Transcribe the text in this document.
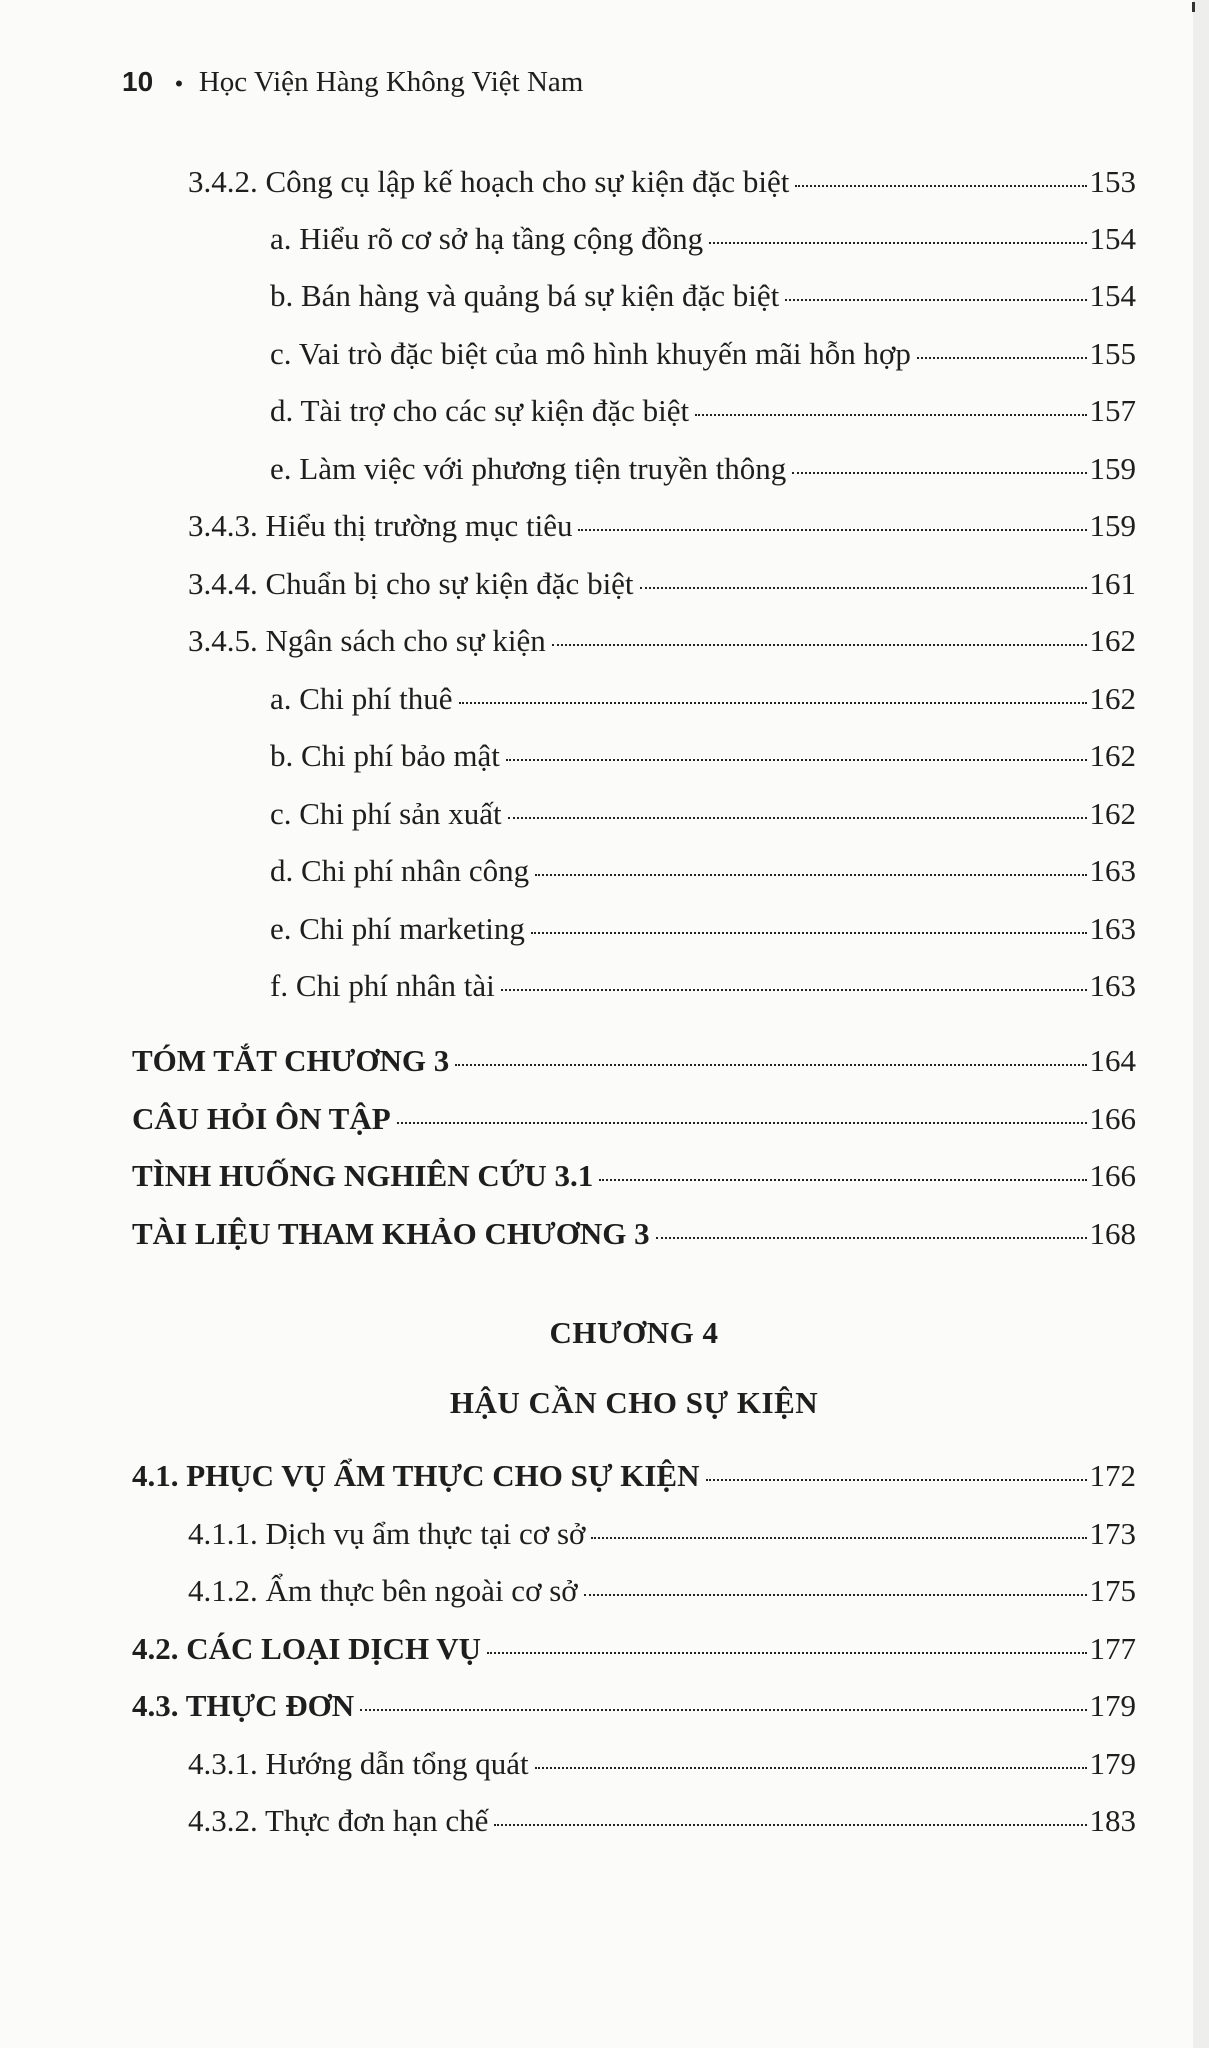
10 • Học Viện Hàng Không Việt Nam
3.4.2. Công cụ lập kế hoạch cho sự kiện đặc biệt	153
a. Hiểu rõ cơ sở hạ tầng cộng đồng	154
b. Bán hàng và quảng bá sự kiện đặc biệt	154
c. Vai trò đặc biệt của mô hình khuyến mãi hỗn hợp	155
d. Tài trợ cho các sự kiện đặc biệt	157
e. Làm việc với phương tiện truyền thông	159
3.4.3. Hiểu thị trường mục tiêu	159
3.4.4. Chuẩn bị cho sự kiện đặc biệt	161
3.4.5. Ngân sách cho sự kiện	162
a. Chi phí thuê	162
b. Chi phí bảo mật	162
c. Chi phí sản xuất	162
d. Chi phí nhân công	163
e. Chi phí marketing	163
f. Chi phí nhân tài	163
TÓM TẮT CHƯƠNG 3	164
CÂU HỎI ÔN TẬP	166
TÌNH HUỐNG NGHIÊN CỨU 3.1	166
TÀI LIỆU THAM KHẢO CHƯƠNG 3	168
CHƯƠNG 4
HẬU CẦN CHO SỰ KIỆN
4.1. PHỤC VỤ ẨM THỰC CHO SỰ KIỆN	172
4.1.1. Dịch vụ ẩm thực tại cơ sở	173
4.1.2. Ẩm thực bên ngoài cơ sở	175
4.2. CÁC LOẠI DỊCH VỤ	177
4.3. THỰC ĐƠN	179
4.3.1. Hướng dẫn tổng quát	179
4.3.2. Thực đơn hạn chế	183
